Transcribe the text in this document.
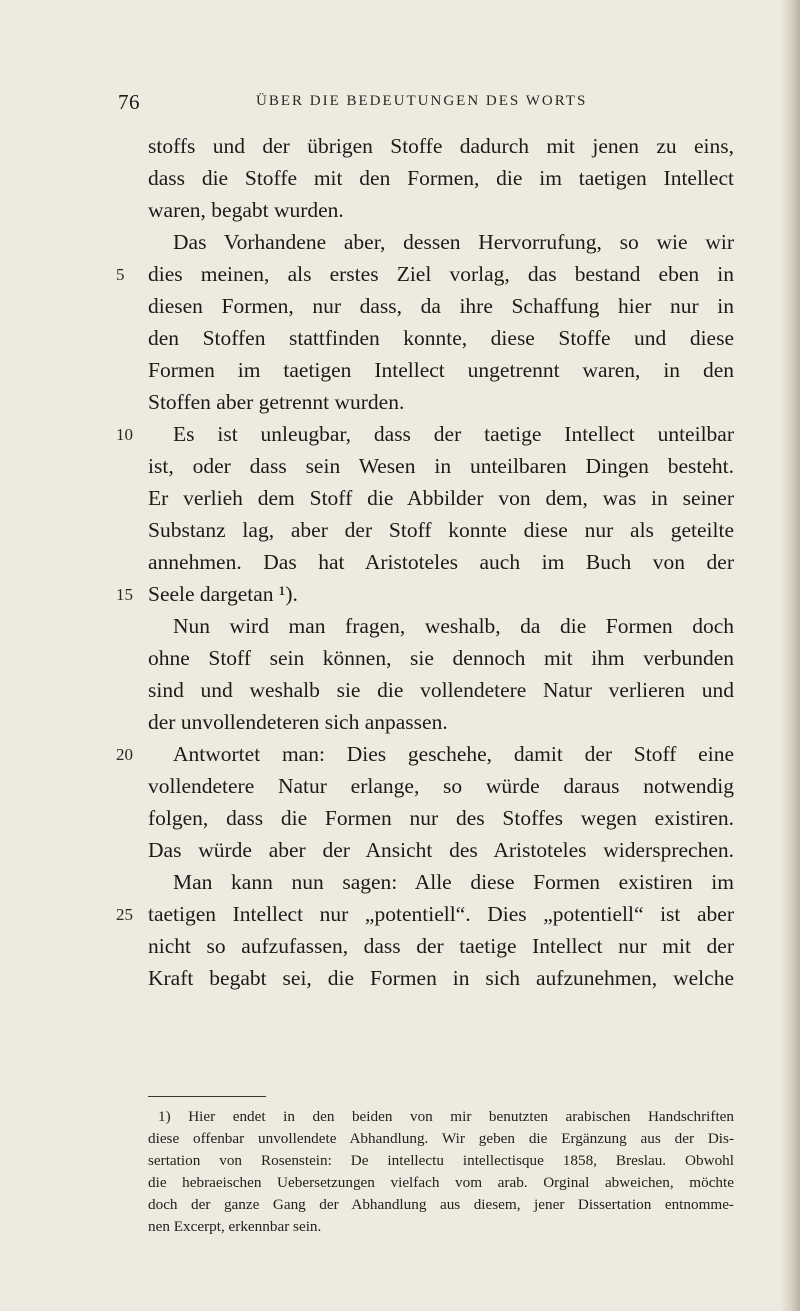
76	ÜBER DIE BEDEUTUNGEN DES WORTS
stoffs und der übrigen Stoffe dadurch mit jenen zu eins,
dass die Stoffe mit den Formen, die im taetigen Intellect
waren, begabt wurden.
Das Vorhandene aber, dessen Hervorrufung, so wie wir
5	dies meinen, als erstes Ziel vorlag, das bestand eben in
diesen Formen, nur dass, da ihre Schaffung hier nur in
den Stoffen stattfinden konnte, diese Stoffe und diese
Formen im taetigen Intellect ungetrennt waren, in den
Stoffen aber getrennt wurden.
10	Es ist unleugbar, dass der taetige Intellect unteilbar
ist, oder dass sein Wesen in unteilbaren Dingen besteht.
Er verlieh dem Stoff die Abbilder von dem, was in seiner
Substanz lag, aber der Stoff konnte diese nur als geteilte
annehmen. Das hat Aristoteles auch im Buch von der
15 Seele dargetan ¹).
Nun wird man fragen, weshalb, da die Formen doch
ohne Stoff sein können, sie dennoch mit ihm verbunden
sind und weshalb sie die vollendetere Natur verlieren und
der unvollendeteren sich anpassen.
20	Antwortet man: Dies geschehe, damit der Stoff eine
vollendetere Natur erlange, so würde daraus notwendig
folgen, dass die Formen nur des Stoffes wegen existiren.
Das würde aber der Ansicht des Aristoteles widersprechen.
Man kann nun sagen: Alle diese Formen existiren im
25 taetigen Intellect nur „potentiell“. Dies „potentiell“ ist aber
nicht so aufzufassen, dass der taetige Intellect nur mit der
Kraft begabt sei, die Formen in sich aufzunehmen, welche
1) Hier endet in den beiden von mir benutzten arabischen Handschriften
diese offenbar unvollendete Abhandlung. Wir geben die Ergänzung aus der Dis-
sertation von Rosenstein: De intellectu intellectisque 1858, Breslau. Obwohl
die hebraeischen Uebersetzungen vielfach vom arab. Orginal abweichen, möchte
doch der ganze Gang der Abhandlung aus diesem, jener Dissertation entnomme-
nen Excerpt, erkennbar sein.
